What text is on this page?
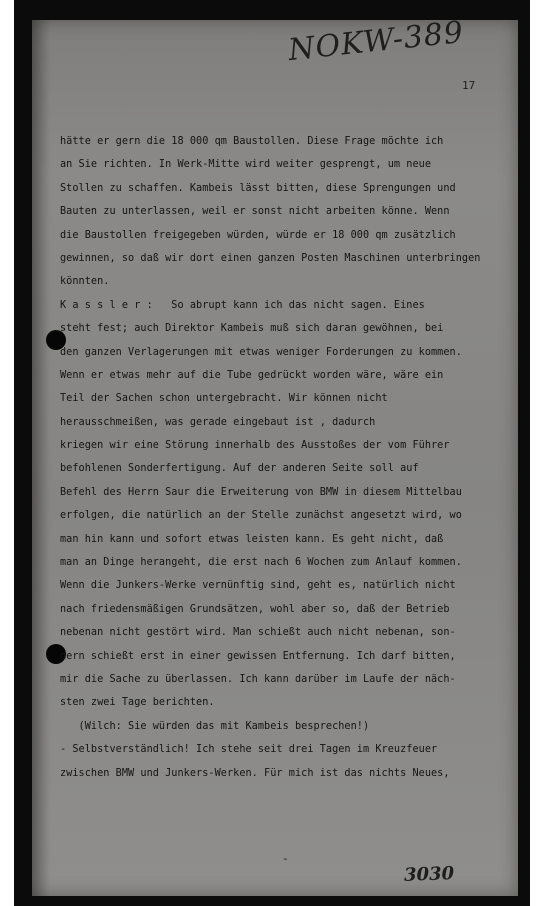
NOKW-389
17
hätte er gern die 18 000 qm Baustollen. Diese Frage möchte ich
an Sie richten. In Werk-Mitte wird weiter gesprengt, um neue
Stollen zu schaffen. Kambeis lässt bitten, diese Sprengungen und
Bauten zu unterlassen, weil er sonst nicht arbeiten könne. Wenn
die Baustollen freigegeben würden, würde er 18 000 qm zusätzlich
gewinnen, so daß wir dort einen ganzen Posten Maschinen unterbringen
könnten.
K a s s l e r :   So abrupt kann ich das nicht sagen. Eines
steht fest; auch Direktor Kambeis muß sich daran gewöhnen, bei
den ganzen Verlagerungen mit etwas weniger Forderungen zu kommen.
Wenn er etwas mehr auf die Tube gedrückt worden wäre, wäre ein
Teil der Sachen schon untergebracht. Wir können nicht
herausschmeißen, was gerade eingebaut ist , dadurch
kriegen wir eine Störung innerhalb des Ausstoßes der vom Führer
befohlenen Sonderfertigung. Auf der anderen Seite soll auf
Befehl des Herrn Saur die Erweiterung von BMW in diesem Mittelbau
erfolgen, die natürlich an der Stelle zunächst angesetzt wird, wo
man hin kann und sofort etwas leisten kann. Es geht nicht, daß
man an Dinge herangeht, die erst nach 6 Wochen zum Anlauf kommen.
Wenn die Junkers-Werke vernünftig sind, geht es, natürlich nicht
nach friedensmäßigen Grundsätzen, wohl aber so, daß der Betrieb
nebenan nicht gestört wird. Man schießt auch nicht nebenan, son-
dern schießt erst in einer gewissen Entfernung. Ich darf bitten,
mir die Sache zu überlassen. Ich kann darüber im Laufe der näch-
sten zwei Tage berichten.
(Wilch: Sie würden das mit Kambeis besprechen!)
- Selbstverständlich! Ich stehe seit drei Tagen im Kreuzfeuer
zwischen BMW und Junkers-Werken. Für mich ist das nichts Neues,
-
3030
